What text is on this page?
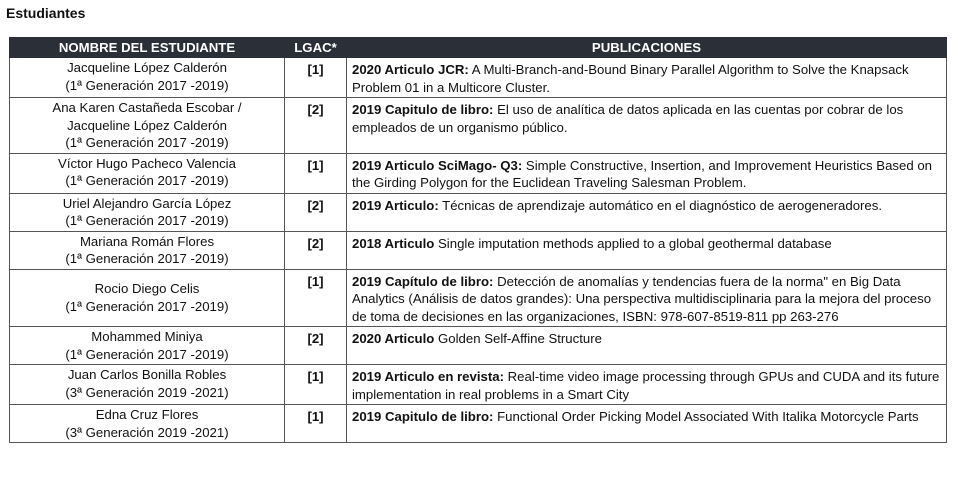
Estudiantes
NOMBRE DEL ESTUDIANTE	LGAC*	PUBLICACIONES

Jacqueline López Calderón
(1ª Generación 2017 -2019)	[1]	2020 Articulo JCR: A Multi-Branch-and-Bound Binary Parallel Algorithm to Solve the Knapsack Problem 01 in a Multicore Cluster.

Ana Karen Castañeda Escobar /
Jacqueline López Calderón
(1ª Generación 2017 -2019)	[2]	2019 Capitulo de libro: El uso de analítica de datos aplicada en las cuentas por cobrar de los empleados de un organismo público.

Víctor Hugo Pacheco Valencia
(1ª Generación 2017 -2019)	[1]	2019 Articulo SciMago- Q3: Simple Constructive, Insertion, and Improvement Heuristics Based on the Girding Polygon for the Euclidean Traveling Salesman Problem.

Uriel Alejandro García López
(1ª Generación 2017 -2019)	[2]	2019 Articulo: Técnicas de aprendizaje automático en el diagnóstico de aerogeneradores.

Mariana Román Flores
(1ª Generación 2017 -2019)	[2]	2018 Articulo Single imputation methods applied to a global geothermal database

Rocio Diego Celis
(1ª Generación 2017 -2019)	[1]	2019 Capítulo de libro: Detección de anomalías y tendencias fuera de la norma" en Big Data Analytics (Análisis de datos grandes): Una perspectiva multidisciplinaria para la mejora del proceso de toma de decisiones en las organizaciones, ISBN: 978-607-8519-811 pp 263-276

Mohammed Miniya
(1ª Generación 2017 -2019)	[2]	2020 Articulo Golden Self-Affine Structure

Juan Carlos Bonilla Robles
(3ª Generación 2019 -2021)	[1]	2019 Articulo en revista: Real-time video image processing through GPUs and CUDA and its future implementation in real problems in a Smart City

Edna Cruz Flores
(3ª Generación 2019 -2021)	[1]	2019 Capitulo de libro: Functional Order Picking Model Associated With Italika Motorcycle Parts
